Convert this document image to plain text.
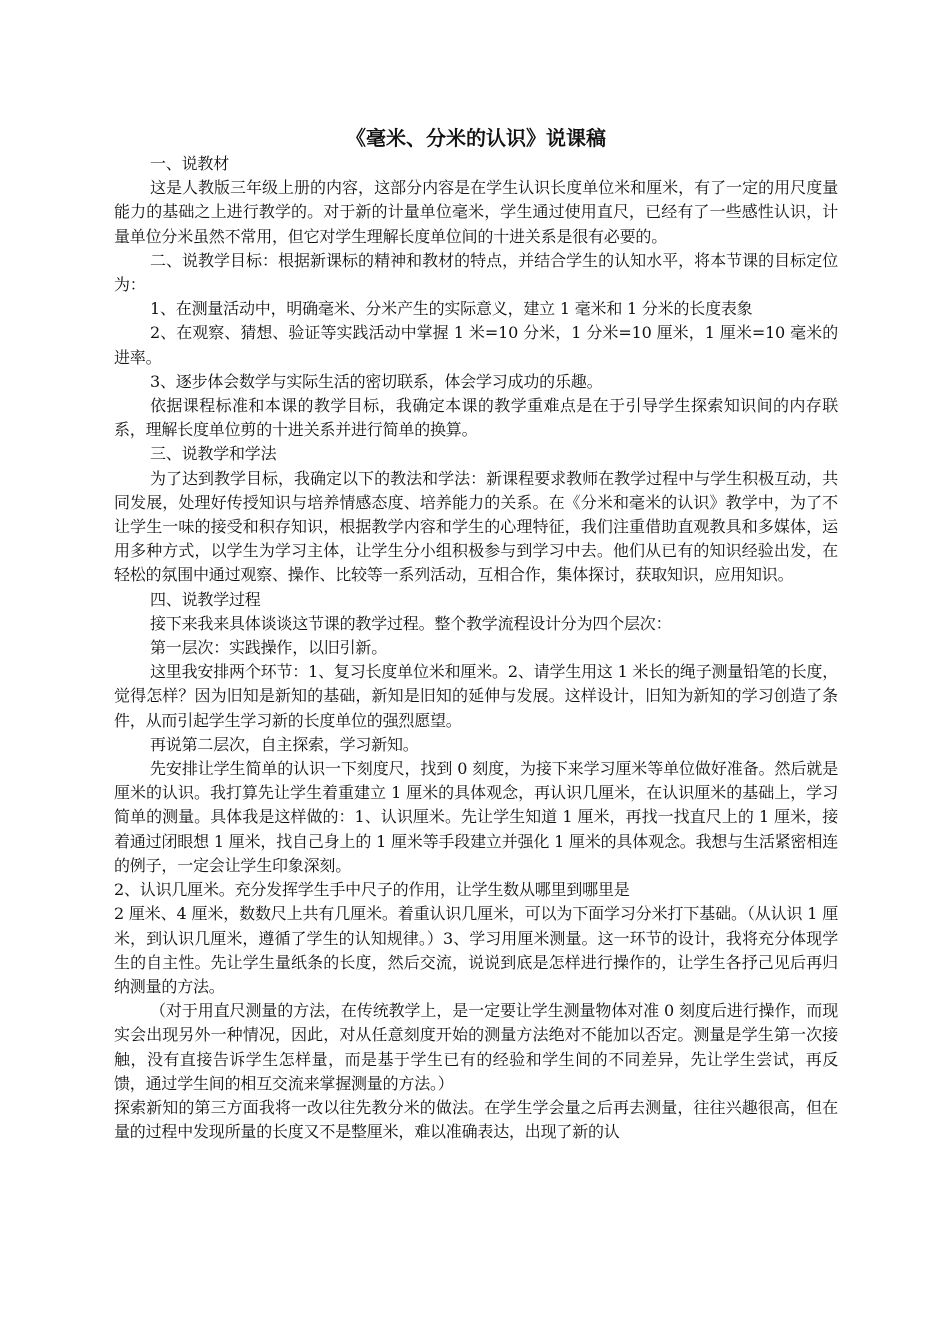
《毫米、分米的认识》说课稿

一、说教材

这是人教版三年级上册的内容，这部分内容是在学生认识长度单位米和厘米，有了一定的用尺度量能力的基础之上进行教学的。对于新的计量单位毫米，学生通过使用直尺，已经有了一些感性认识，计量单位分米虽然不常用，但它对学生理解长度单位间的十进关系是很有必要的。

二、说教学目标：根据新课标的精神和教材的特点，并结合学生的认知水平，将本节课的目标定位为：

1、在测量活动中，明确毫米、分米产生的实际意义，建立 1 毫米和 1 分米的长度表象

2、在观察、猜想、验证等实践活动中掌握 1 米=10 分米，1 分米=10 厘米，1 厘米=10 毫米的进率。

3、逐步体会数学与实际生活的密切联系，体会学习成功的乐趣。

依据课程标准和本课的教学目标，我确定本课的教学重难点是在于引导学生探索知识间的内存联系，理解长度单位剪的十进关系并进行简单的换算。

三、说教学和学法

为了达到教学目标，我确定以下的教法和学法：新课程要求教师在教学过程中与学生积极互动，共同发展，处理好传授知识与培养情感态度、培养能力的关系。在《分米和毫米的认识》教学中，为了不让学生一味的接受和积存知识，根据教学内容和学生的心理特征，我们注重借助直观教具和多媒体，运用多种方式，以学生为学习主体，让学生分小组积极参与到学习中去。他们从已有的知识经验出发，在轻松的氛围中通过观察、操作、比较等一系列活动，互相合作，集体探讨，获取知识，应用知识。

四、说教学过程

接下来我来具体谈谈这节课的教学过程。整个教学流程设计分为四个层次：

第一层次：实践操作，以旧引新。

这里我安排两个环节：1、复习长度单位米和厘米。2、请学生用这 1 米长的绳子测量铅笔的长度，觉得怎样？因为旧知是新知的基础，新知是旧知的延伸与发展。这样设计，旧知为新知的学习创造了条件，从而引起学生学习新的长度单位的强烈愿望。

再说第二层次，自主探索，学习新知。

先安排让学生简单的认识一下刻度尺，找到 0 刻度，为接下来学习厘米等单位做好准备。然后就是厘米的认识。我打算先让学生着重建立 1 厘米的具体观念，再认识几厘米，在认识厘米的基础上，学习简单的测量。具体我是这样做的：1、认识厘米。先让学生知道 1 厘米，再找一找直尺上的 1 厘米，接着通过闭眼想 1 厘米，找自己身上的 1 厘米等手段建立并强化 1 厘米的具体观念。我想与生活紧密相连的例子，一定会让学生印象深刻。

2、认识几厘米。充分发挥学生手中尺子的作用，让学生数从哪里到哪里是

2 厘米、4 厘米，数数尺上共有几厘米。着重认识几厘米，可以为下面学习分米打下基础。（从认识 1 厘米，到认识几厘米，遵循了学生的认知规律。）3、学习用厘米测量。这一环节的设计，我将充分体现学生的自主性。先让学生量纸条的长度，然后交流，说说到底是怎样进行操作的，让学生各抒己见后再归纳测量的方法。

（对于用直尺测量的方法，在传统教学上，是一定要让学生测量物体对准 0 刻度后进行操作，而现实会出现另外一种情况，因此，对从任意刻度开始的测量方法绝对不能加以否定。测量是学生第一次接触，没有直接告诉学生怎样量，而是基于学生已有的经验和学生间的不同差异，先让学生尝试，再反馈，通过学生间的相互交流来掌握测量的方法。）

探索新知的第三方面我将一改以往先教分米的做法。在学生学会量之后再去测量，往往兴趣很高，但在量的过程中发现所量的长度又不是整厘米，难以准确表达，出现了新的认
